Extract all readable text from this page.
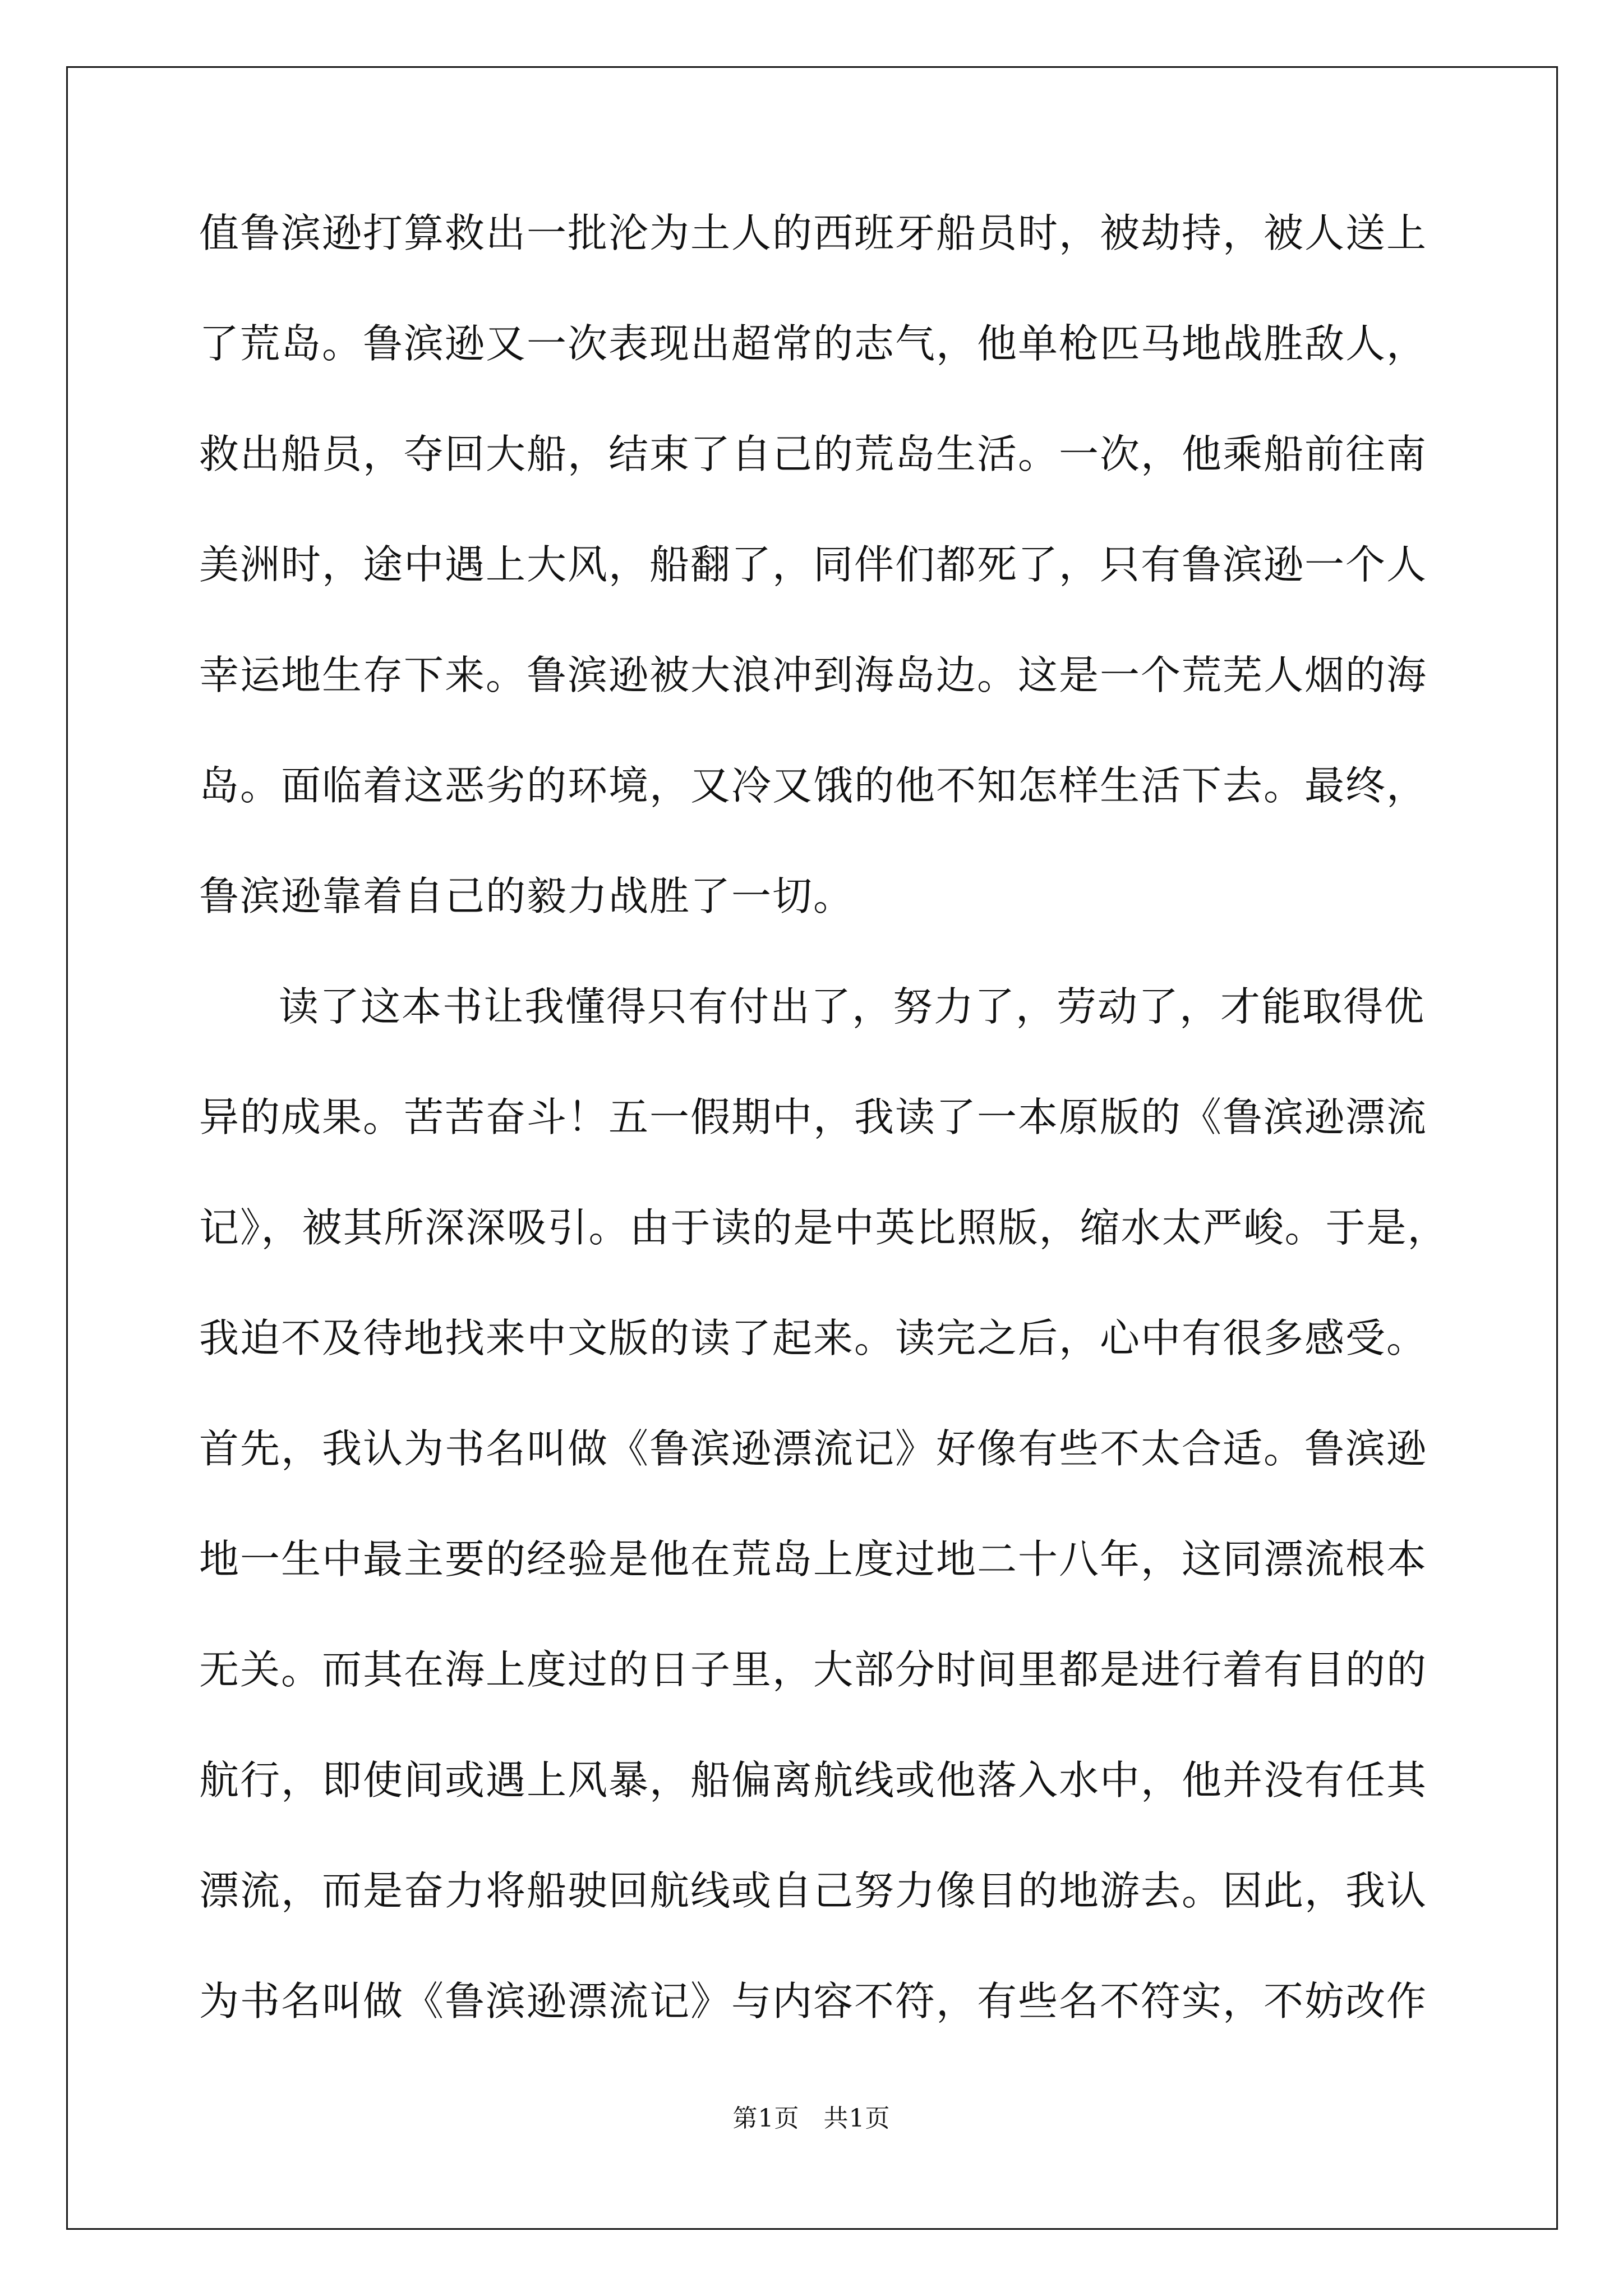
值鲁滨逊打算救出一批沦为土人的西班牙船员时，被劫持，被人送上
了荒岛。鲁滨逊又一次表现出超常的志气，他单枪匹马地战胜敌人，
救出船员，夺回大船，结束了自己的荒岛生活。一次，他乘船前往南
美洲时，途中遇上大风，船翻了，同伴们都死了，只有鲁滨逊一个人
幸运地生存下来。鲁滨逊被大浪冲到海岛边。这是一个荒芜人烟的海
岛。面临着这恶劣的环境，又冷又饿的他不知怎样生活下去。最终，
鲁滨逊靠着自己的毅力战胜了一切。
读了这本书让我懂得只有付出了，努力了，劳动了，才能取得优
异的成果。苦苦奋斗！五一假期中，我读了一本原版的《鲁滨逊漂流
记》，被其所深深吸引。由于读的是中英比照版，缩水太严峻。于是，
我迫不及待地找来中文版的读了起来。读完之后，心中有很多感受。
首先，我认为书名叫做《鲁滨逊漂流记》好像有些不太合适。鲁滨逊
地一生中最主要的经验是他在荒岛上度过地二十八年，这同漂流根本
无关。而其在海上度过的日子里，大部分时间里都是进行着有目的的
航行，即使间或遇上风暴，船偏离航线或他落入水中，他并没有任其
漂流，而是奋力将船驶回航线或自己努力像目的地游去。因此，我认
为书名叫做《鲁滨逊漂流记》与内容不符，有些名不符实，不妨改作
第1页 共1页
